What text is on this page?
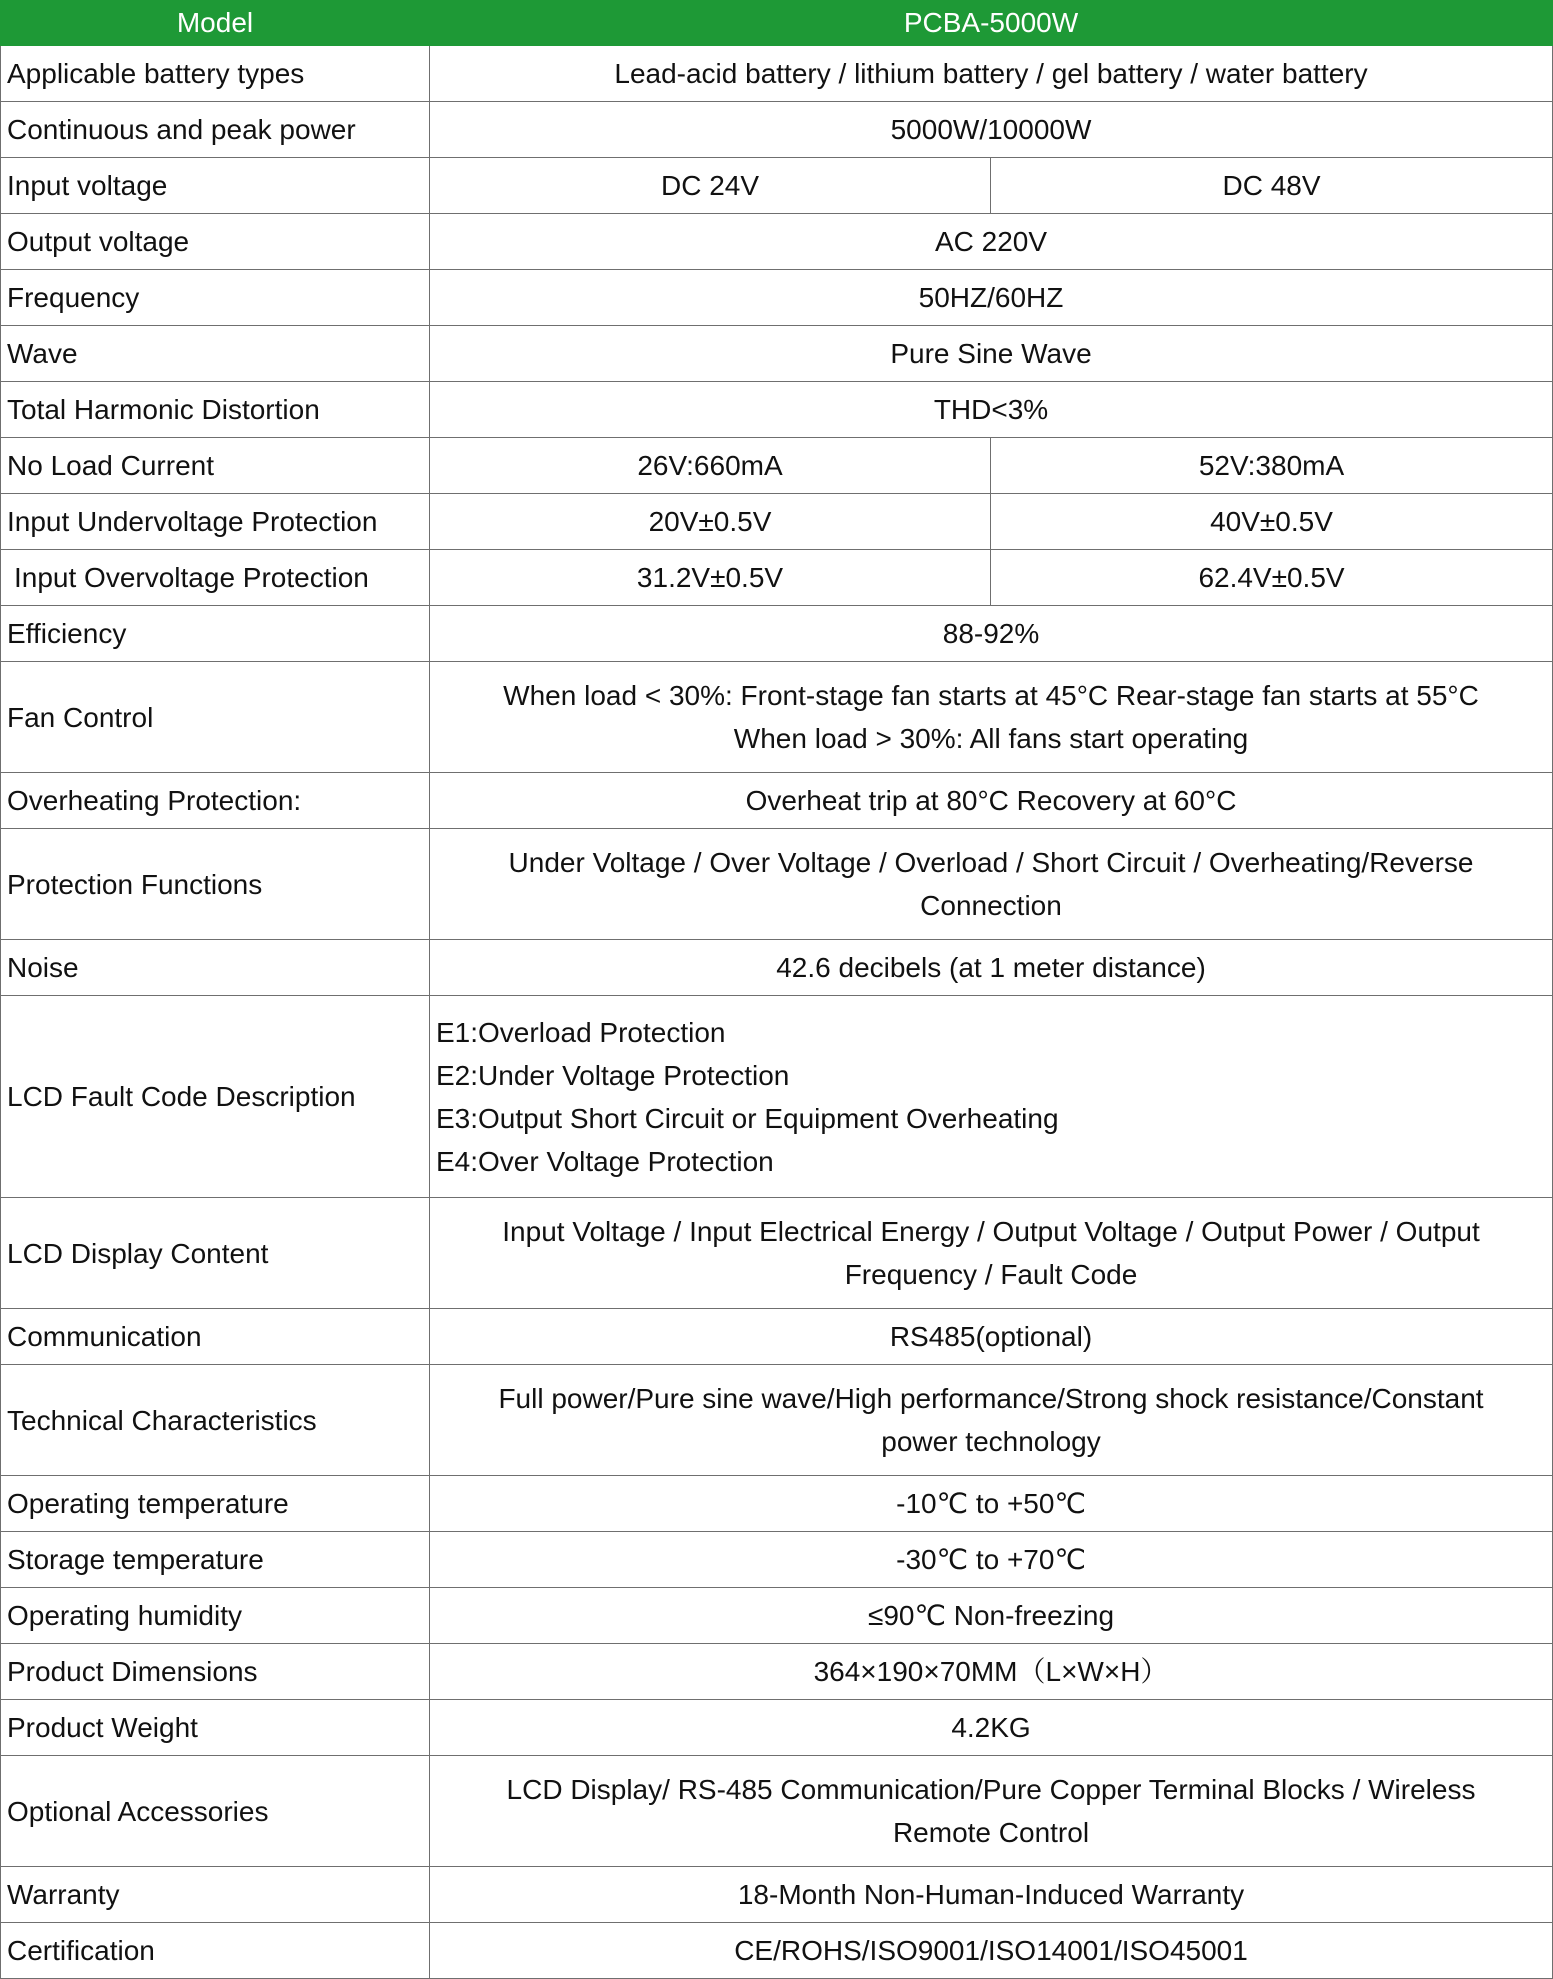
Model	PCBA-5000W	
Applicable battery types	Lead-acid battery / lithium battery / gel battery / water battery	
Continuous and peak power	5000W/10000W	
Input voltage	DC 24V	DC 48V
Output voltage	AC 220V	
Frequency	50HZ/60HZ	
Wave	Pure Sine Wave	
Total Harmonic Distortion	THD<3%	
No Load Current	26V:660mA	52V:380mA
Input Undervoltage Protection	20V±0.5V	40V±0.5V
Input Overvoltage Protection	31.2V±0.5V	62.4V±0.5V
Efficiency	88-92%	
Fan Control	When load < 30%: Front-stage fan starts at 45°C Rear-stage fan starts at 55°C
When load > 30%: All fans start operating	

Overheating Protection:	Overheat trip at 80°C Recovery at 60°C	
Protection Functions	Under Voltage / Over Voltage / Overload / Short Circuit / Overheating/Reverse
Connection	

Noise	42.6 decibels (at 1 meter distance)	
LCD Fault Code Description	E1:Overload Protection
E2:Under Voltage Protection
E3:Output Short Circuit or Equipment Overheating
E4:Over Voltage Protection	

LCD Display Content	Input Voltage / Input Electrical Energy / Output Voltage / Output Power / Output
Frequency / Fault Code	

Communication	RS485(optional)	
Technical Characteristics	Full power/Pure sine wave/High performance/Strong shock resistance/Constant
power technology	

Operating temperature	-10℃ to +50℃	
Storage temperature	-30℃ to +70℃	
Operating humidity	≤90℃ Non-freezing	
Product Dimensions	364×190×70MM（L×W×H）	
Product Weight	4.2KG	
Optional Accessories	LCD Display/ RS-485 Communication/Pure Copper Terminal Blocks / Wireless
Remote Control	

Warranty	18-Month Non-Human-Induced Warranty	
Certification	CE/ROHS/ISO9001/ISO14001/ISO45001	
